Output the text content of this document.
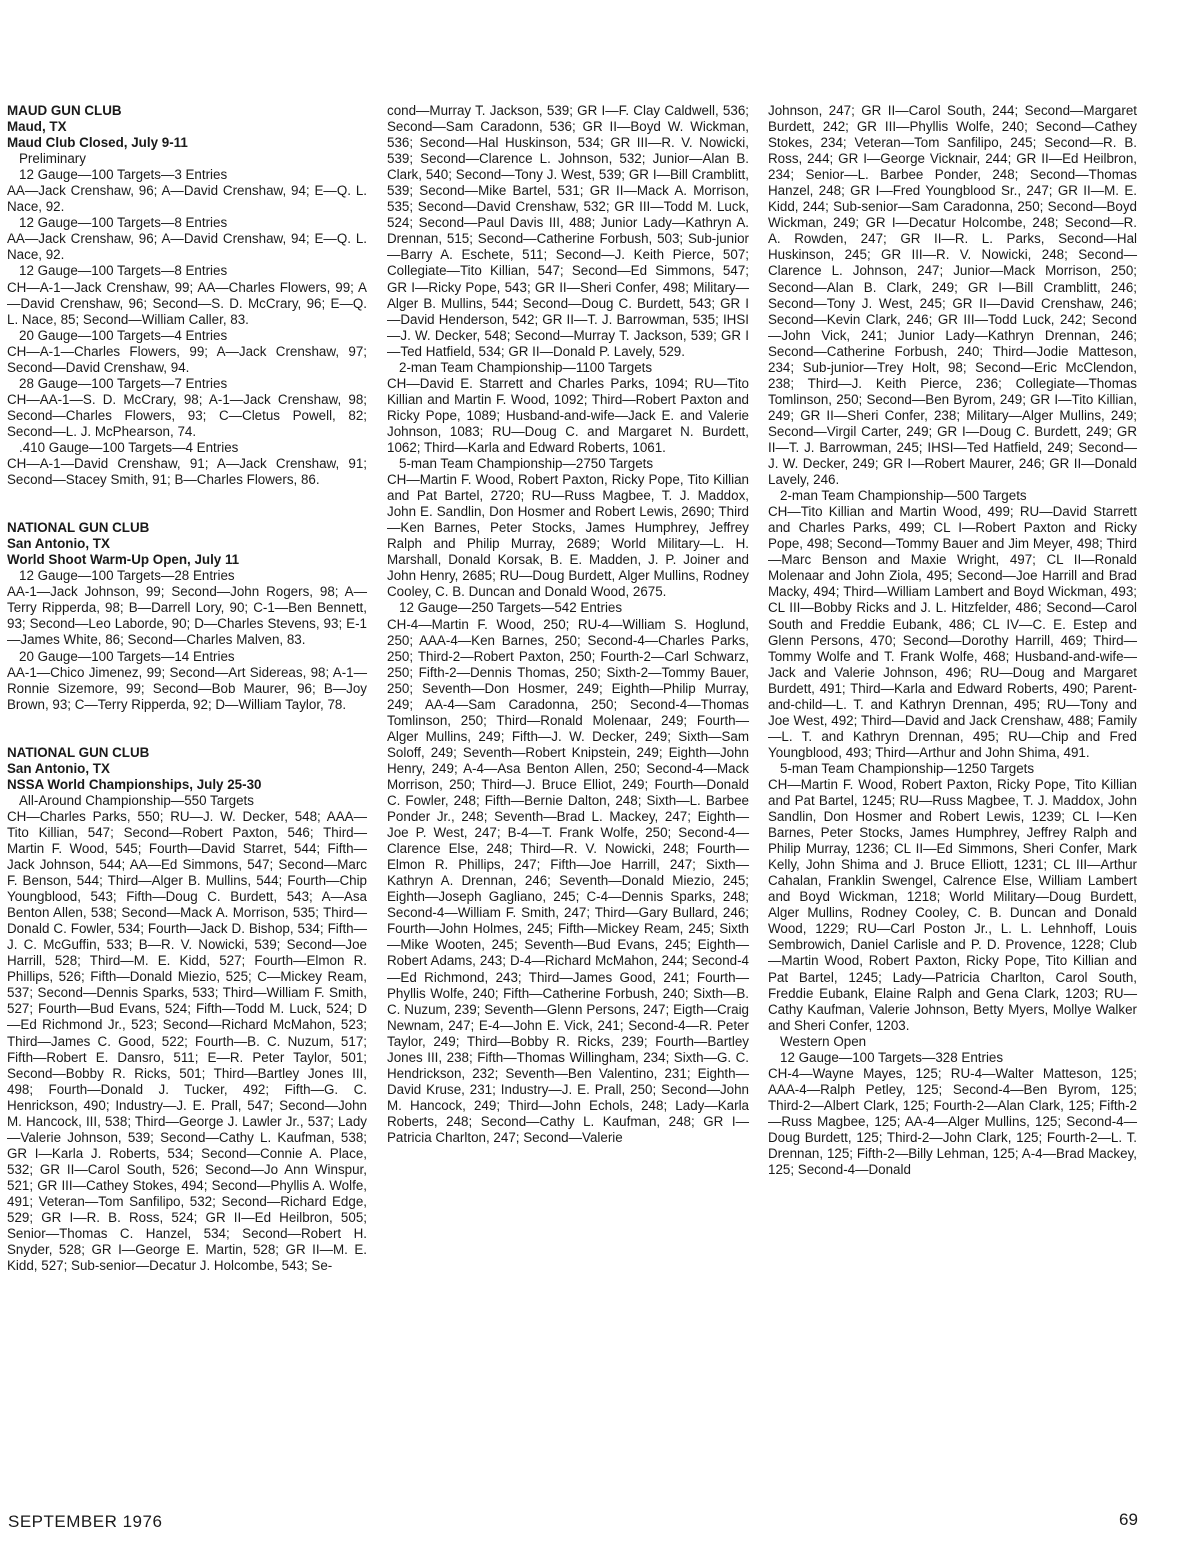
MAUD GUN CLUB
Maud, TX
Maud Club Closed, July 9-11
Preliminary
12 Gauge—100 Targets—3 Entries
AA—Jack Crenshaw, 96; A—David Crenshaw, 94; E—Q. L. Nace, 92.
12 Gauge—100 Targets—8 Entries
AA—Jack Crenshaw, 96; A—David Crenshaw, 94; E—Q. L. Nace, 92.
12 Gauge—100 Targets—8 Entries
CH—A-1—Jack Crenshaw, 99; AA—Charles Flowers, 99; A—David Crenshaw, 96; Second—S. D. McCrary, 96; E—Q. L. Nace, 85; Second—William Caller, 83.
20 Gauge—100 Targets—4 Entries
CH—A-1—Charles Flowers, 99; A—Jack Crenshaw, 97; Second—David Crenshaw, 94.
28 Gauge—100 Targets—7 Entries
CH—AA-1—S. D. McCrary, 98; A-1—Jack Crenshaw, 98; Second—Charles Flowers, 93; C—Cletus Powell, 82; Second—L. J. McPhearson, 74.
.410 Gauge—100 Targets—4 Entries
CH—A-1—David Crenshaw, 91; A—Jack Crenshaw, 91; Second—Stacey Smith, 91; B—Charles Flowers, 86.
NATIONAL GUN CLUB
San Antonio, TX
World Shoot Warm-Up Open, July 11
12 Gauge—100 Targets—28 Entries
AA-1—Jack Johnson, 99; Second—John Rogers, 98; A—Terry Ripperda, 98; B—Darrell Lory, 90; C-1—Ben Bennett, 93; Second—Leo Laborde, 90; D—Charles Stevens, 93; E-1—James White, 86; Second—Charles Malven, 83.
20 Gauge—100 Targets—14 Entries
AA-1—Chico Jimenez, 99; Second—Art Sidereas, 98; A-1—Ronnie Sizemore, 99; Second—Bob Maurer, 96; B—Joy Brown, 93; C—Terry Ripperda, 92; D—William Taylor, 78.
NATIONAL GUN CLUB
San Antonio, TX
NSSA World Championships, July 25-30
All-Around Championship—550 Targets
CH—Charles Parks, 550; RU—J. W. Decker, 548; AAA—Tito Killian, 547; Second—Robert Paxton, 546; Third—Martin F. Wood, 545; Fourth—David Starret, 544; Fifth—Jack Johnson, 544; AA—Ed Simmons, 547; Second—Marc F. Benson, 544; Third—Alger B. Mullins, 544; Fourth—Chip Youngblood, 543; Fifth—Doug C. Burdett, 543; A—Asa Benton Allen, 538; Second—Mack A. Morrison, 535; Third—Donald C. Fowler, 534; Fourth—Jack D. Bishop, 534; Fifth—J. C. McGuffin, 533; B—R. V. Nowicki, 539; Second—Joe Harrill, 528; Third—M. E. Kidd, 527; Fourth—Elmon R. Phillips, 526; Fifth—Donald Miezio, 525; C—Mickey Ream, 537; Second—Dennis Sparks, 533; Third—William F. Smith, 527; Fourth—Bud Evans, 524; Fifth—Todd M. Luck, 524; D—Ed Richmond Jr., 523; Second—Richard McMahon, 523; Third—James C. Good, 522; Fourth—B. C. Nuzum, 517; Fifth—Robert E. Dansro, 511; E—R. Peter Taylor, 501; Second—Bobby R. Ricks, 501; Third—Bartley Jones III, 498; Fourth—Donald J. Tucker, 492; Fifth—G. C. Henrickson, 490; Industry—J. E. Prall, 547; Second—John M. Hancock, III, 538; Third—George J. Lawler Jr., 537; Lady—Valerie Johnson, 539; Second—Cathy L. Kaufman, 538; GR I—Karla J. Roberts, 534; Second—Connie A. Place, 532; GR II—Carol South, 526; Second—Jo Ann Winspur, 521; GR III—Cathey Stokes, 494; Second—Phyllis A. Wolfe, 491; Veteran—Tom Sanfilipo, 532; Second—Richard Edge, 529; GR I—R. B. Ross, 524; GR II—Ed Heilbron, 505; Senior—Thomas C. Hanzel, 534; Second—Robert H. Snyder, 528; GR I—George E. Martin, 528; GR II—M. E. Kidd, 527; Sub-senior—Decatur J. Holcombe, 543; Se-
cond—Murray T. Jackson, 539; GR I—F. Clay Caldwell, 536; Second—Sam Caradonn, 536; GR II—Boyd W. Wickman, 536; Second—Hal Huskinson, 534; GR III—R. V. Nowicki, 539; Second—Clarence L. Johnson, 532; Junior—Alan B. Clark, 540; Second—Tony J. West, 539; GR I—Bill Cramblitt, 539; Second—Mike Bartel, 531; GR II—Mack A. Morrison, 535; Second—David Crenshaw, 532; GR III—Todd M. Luck, 524; Second—Paul Davis III, 488; Junior Lady—Kathryn A. Drennan, 515; Second—Catherine Forbush, 503; Sub-junior—Barry A. Eschete, 511; Second—J. Keith Pierce, 507; Collegiate—Tito Killian, 547; Second—Ed Simmons, 547; GR I—Ricky Pope, 543; GR II—Sheri Confer, 498; Military—Alger B. Mullins, 544; Second—Doug C. Burdett, 543; GR I—David Henderson, 542; GR II—T. J. Barrowman, 535; IHSI—J. W. Decker, 548; Second—Murray T. Jackson, 539; GR I—Ted Hatfield, 534; GR II—Donald P. Lavely, 529.
2-man Team Championship—1100 Targets
CH—David E. Starrett and Charles Parks, 1094; RU—Tito Killian and Martin F. Wood, 1092; Third—Robert Paxton and Ricky Pope, 1089; Husband-and-wife—Jack E. and Valerie Johnson, 1083; RU—Doug C. and Margaret N. Burdett, 1062; Third—Karla and Edward Roberts, 1061.
5-man Team Championship—2750 Targets
CH—Martin F. Wood, Robert Paxton, Ricky Pope, Tito Killian and Pat Bartel, 2720; RU—Russ Magbee, T. J. Maddox, John E. Sandlin, Don Hosmer and Robert Lewis, 2690; Third—Ken Barnes, Peter Stocks, James Humphrey, Jeffrey Ralph and Philip Murray, 2689; World Military—L. H. Marshall, Donald Korsak, B. E. Madden, J. P. Joiner and John Henry, 2685; RU—Doug Burdett, Alger Mullins, Rodney Cooley, C. B. Duncan and Donald Wood, 2675.
12 Gauge—250 Targets—542 Entries
CH-4—Martin F. Wood, 250; RU-4—William S. Hoglund, 250; AAA-4—Ken Barnes, 250; Second-4—Charles Parks, 250; Third-2—Robert Paxton, 250; Fourth-2—Carl Schwarz, 250; Fifth-2—Dennis Thomas, 250; Sixth-2—Tommy Bauer, 250; Seventh—Don Hosmer, 249; Eighth—Philip Murray, 249; AA-4—Sam Caradonna, 250; Second-4—Thomas Tomlinson, 250; Third—Ronald Molenaar, 249; Fourth—Alger Mullins, 249; Fifth—J. W. Decker, 249; Sixth—Sam Soloff, 249; Seventh—Robert Knipstein, 249; Eighth—John Henry, 249; A-4—Asa Benton Allen, 250; Second-4—Mack Morrison, 250; Third—J. Bruce Elliot, 249; Fourth—Donald C. Fowler, 248; Fifth—Bernie Dalton, 248; Sixth—L. Barbee Ponder Jr., 248; Seventh—Brad L. Mackey, 247; Eighth—Joe P. West, 247; B-4—T. Frank Wolfe, 250; Second-4—Clarence Else, 248; Third—R. V. Nowicki, 248; Fourth—Elmon R. Phillips, 247; Fifth—Joe Harrill, 247; Sixth—Kathryn A. Drennan, 246; Seventh—Donald Miezio, 245; Eighth—Joseph Gagliano, 245; C-4—Dennis Sparks, 248; Second-4—William F. Smith, 247; Third—Gary Bullard, 246; Fourth—John Holmes, 245; Fifth—Mickey Ream, 245; Sixth—Mike Wooten, 245; Seventh—Bud Evans, 245; Eighth—Robert Adams, 243; D-4—Richard McMahon, 244; Second-4—Ed Richmond, 243; Third—James Good, 241; Fourth—Phyllis Wolfe, 240; Fifth—Catherine Forbush, 240; Sixth—B. C. Nuzum, 239; Seventh—Glenn Persons, 247; Eigth—Craig Newnam, 247; E-4—John E. Vick, 241; Second-4—R. Peter Taylor, 249; Third—Bobby R. Ricks, 239; Fourth—Bartley Jones III, 238; Fifth—Thomas Willingham, 234; Sixth—G. C. Hendrickson, 232; Seventh—Ben Valentino, 231; Eighth—David Kruse, 231; Industry—J. E. Prall, 250; Second—John M. Hancock, 249; Third—John Echols, 248; Lady—Karla Roberts, 248; Second—Cathy L. Kaufman, 248; GR I—Patricia Charlton, 247; Second—Valerie
Johnson, 247; GR II—Carol South, 244; Second—Margaret Burdett, 242; GR III—Phyllis Wolfe, 240; Second—Cathey Stokes, 234; Veteran—Tom Sanfilipo, 245; Second—R. B. Ross, 244; GR I—George Vicknair, 244; GR II—Ed Heilbron, 234; Senior—L. Barbee Ponder, 248; Second—Thomas Hanzel, 248; GR I—Fred Youngblood Sr., 247; GR II—M. E. Kidd, 244; Sub-senior—Sam Caradonna, 250; Second—Boyd Wickman, 249; GR I—Decatur Holcombe, 248; Second—R. A. Rowden, 247; GR II—R. L. Parks, Second—Hal Huskinson, 245; GR III—R. V. Nowicki, 248; Second—Clarence L. Johnson, 247; Junior—Mack Morrison, 250; Second—Alan B. Clark, 249; GR I—Bill Cramblitt, 246; Second—Tony J. West, 245; GR II—David Crenshaw, 246; Second—Kevin Clark, 246; GR III—Todd Luck, 242; Second—John Vick, 241; Junior Lady—Kathryn Drennan, 246; Second—Catherine Forbush, 240; Third—Jodie Matteson, 234; Sub-junior—Trey Holt, 98; Second—Eric McClendon, 238; Third—J. Keith Pierce, 236; Collegiate—Thomas Tomlinson, 250; Second—Ben Byrom, 249; GR I—Tito Killian, 249; GR II—Sheri Confer, 238; Military—Alger Mullins, 249; Second—Virgil Carter, 249; GR I—Doug C. Burdett, 249; GR II—T. J. Barrowman, 245; IHSI—Ted Hatfield, 249; Second—J. W. Decker, 249; GR I—Robert Maurer, 246; GR II—Donald Lavely, 246.
2-man Team Championship—500 Targets
CH—Tito Killian and Martin Wood, 499; RU—David Starrett and Charles Parks, 499; CL I—Robert Paxton and Ricky Pope, 498; Second—Tommy Bauer and Jim Meyer, 498; Third—Marc Benson and Maxie Wright, 497; CL II—Ronald Molenaar and John Ziola, 495; Second—Joe Harrill and Brad Macky, 494; Third—William Lambert and Boyd Wickman, 493; CL III—Bobby Ricks and J. L. Hitzfelder, 486; Second—Carol South and Freddie Eubank, 486; CL IV—C. E. Estep and Glenn Persons, 470; Second—Dorothy Harrill, 469; Third—Tommy Wolfe and T. Frank Wolfe, 468; Husband-and-wife—Jack and Valerie Johnson, 496; RU—Doug and Margaret Burdett, 491; Third—Karla and Edward Roberts, 490; Parent-and-child—L. T. and Kathryn Drennan, 495; RU—Tony and Joe West, 492; Third—David and Jack Crenshaw, 488; Family—L. T. and Kathryn Drennan, 495; RU—Chip and Fred Youngblood, 493; Third—Arthur and John Shima, 491.
5-man Team Championship—1250 Targets
CH—Martin F. Wood, Robert Paxton, Ricky Pope, Tito Killian and Pat Bartel, 1245; RU—Russ Magbee, T. J. Maddox, John Sandlin, Don Hosmer and Robert Lewis, 1239; CL I—Ken Barnes, Peter Stocks, James Humphrey, Jeffrey Ralph and Philip Murray, 1236; CL II—Ed Simmons, Sheri Confer, Mark Kelly, John Shima and J. Bruce Elliott, 1231; CL III—Arthur Cahalan, Franklin Swengel, Calrence Else, William Lambert and Boyd Wickman, 1218; World Military—Doug Burdett, Alger Mullins, Rodney Cooley, C. B. Duncan and Donald Wood, 1229; RU—Carl Poston Jr., L. L. Lehnhoff, Louis Sembrowich, Daniel Carlisle and P. D. Provence, 1228; Club—Martin Wood, Robert Paxton, Ricky Pope, Tito Killian and Pat Bartel, 1245; Lady—Patricia Charlton, Carol South, Freddie Eubank, Elaine Ralph and Gena Clark, 1203; RU—Cathy Kaufman, Valerie Johnson, Betty Myers, Mollye Walker and Sheri Confer, 1203.
Western Open
12 Gauge—100 Targets—328 Entries
CH-4—Wayne Mayes, 125; RU-4—Walter Matteson, 125; AAA-4—Ralph Petley, 125; Second-4—Ben Byrom, 125; Third-2—Albert Clark, 125; Fourth-2—Alan Clark, 125; Fifth-2—Russ Magbee, 125; AA-4—Alger Mullins, 125; Second-4—Doug Burdett, 125; Third-2—John Clark, 125; Fourth-2—L. T. Drennan, 125; Fifth-2—Billy Lehman, 125; A-4—Brad Mackey, 125; Second-4—Donald
SEPTEMBER 1976	69
